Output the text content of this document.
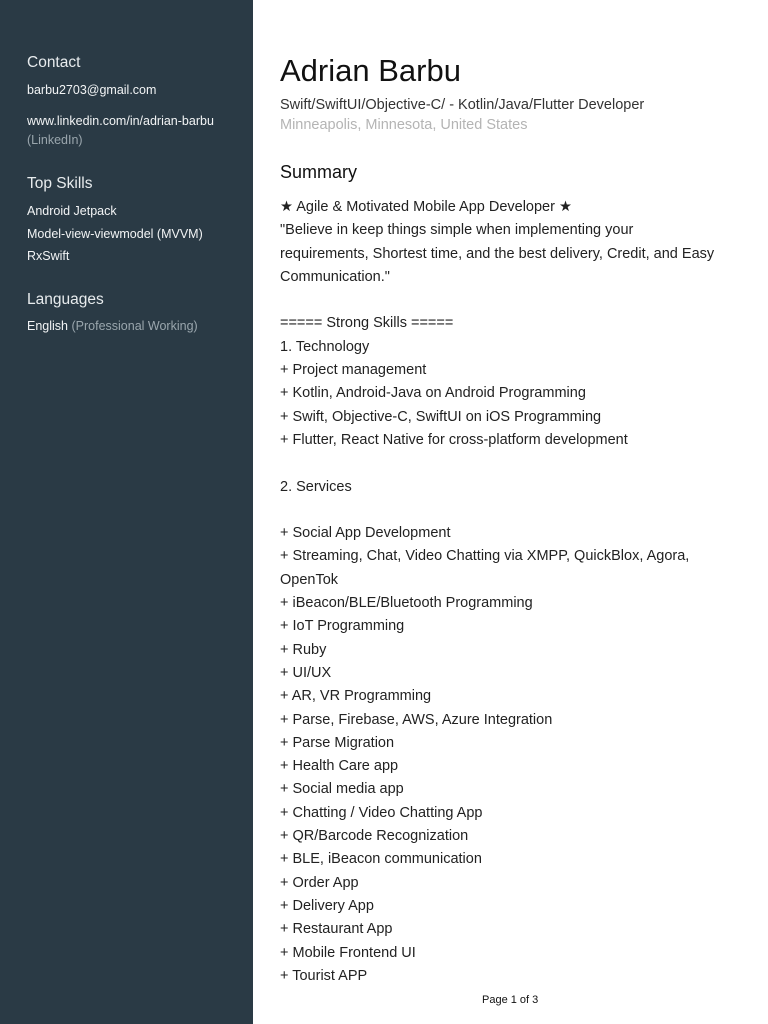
Contact
barbu2703@gmail.com
www.linkedin.com/in/adrian-barbu
(LinkedIn)
Top Skills
Android Jetpack
Model-view-viewmodel (MVVM)
RxSwift
Languages
English (Professional Working)
Adrian Barbu
Swift/SwiftUI/Objective-C/ - Kotlin/Java/Flutter Developer
Minneapolis, Minnesota, United States
Summary
★ Agile & Motivated Mobile App Developer ★
"Believe in keep things simple when implementing your
requirements, Shortest time, and the best delivery, Credit, and Easy
Communication."

===== Strong Skills =====
1. Technology
+ Project management
+ Kotlin, Android-Java on Android Programming
+ Swift, Objective-C, SwiftUI on iOS Programming
+ Flutter, React Native for cross-platform development

2. Services

+ Social App Development
+ Streaming, Chat, Video Chatting via XMPP, QuickBlox, Agora,
OpenTok
+ iBeacon/BLE/Bluetooth Programming
+ IoT Programming
+ Ruby
+ UI/UX
+ AR, VR Programming
+ Parse, Firebase, AWS, Azure Integration
+ Parse Migration
+ Health Care app
+ Social media app
+ Chatting / Video Chatting App
+ QR/Barcode Recognization
+ BLE, iBeacon communication
+ Order App
+ Delivery App
+ Restaurant App
+ Mobile Frontend UI
+ Tourist APP
Page 1 of 3
